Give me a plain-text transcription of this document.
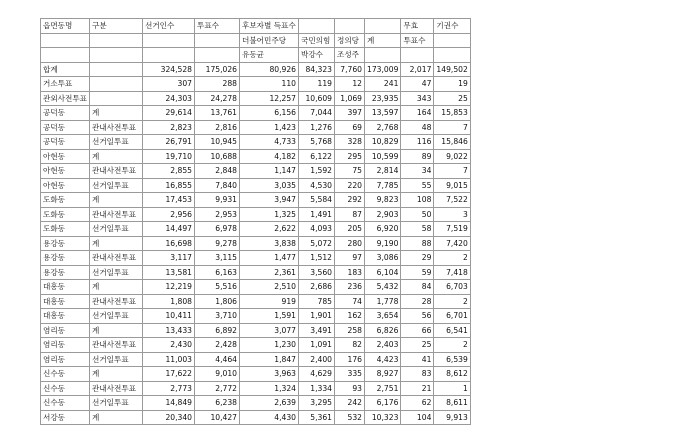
읍면동명	구분	선거인수	투표수	후보자별 득표수				무효	기권수
				더불어민주당	국민의힘	정의당	계	투표수	
				유동균	박강수	조성주			
합계		324,528	175,026	80,926	84,323	7,760	173,009	2,017	149,502
거소투표		307	288	110	119	12	241	47	19
관외사전투표		24,303	24,278	12,257	10,609	1,069	23,935	343	25
공덕동	계	29,614	13,761	6,156	7,044	397	13,597	164	15,853
공덕동	관내사전투표	2,823	2,816	1,423	1,276	69	2,768	48	7
공덕동	선거일투표	26,791	10,945	4,733	5,768	328	10,829	116	15,846
아현동	계	19,710	10,688	4,182	6,122	295	10,599	89	9,022
아현동	관내사전투표	2,855	2,848	1,147	1,592	75	2,814	34	7
아현동	선거일투표	16,855	7,840	3,035	4,530	220	7,785	55	9,015
도화동	계	17,453	9,931	3,947	5,584	292	9,823	108	7,522
도화동	관내사전투표	2,956	2,953	1,325	1,491	87	2,903	50	3
도화동	선거일투표	14,497	6,978	2,622	4,093	205	6,920	58	7,519
용강동	계	16,698	9,278	3,838	5,072	280	9,190	88	7,420
용강동	관내사전투표	3,117	3,115	1,477	1,512	97	3,086	29	2
용강동	선거일투표	13,581	6,163	2,361	3,560	183	6,104	59	7,418
대흥동	계	12,219	5,516	2,510	2,686	236	5,432	84	6,703
대흥동	관내사전투표	1,808	1,806	919	785	74	1,778	28	2
대흥동	선거일투표	10,411	3,710	1,591	1,901	162	3,654	56	6,701
염리동	계	13,433	6,892	3,077	3,491	258	6,826	66	6,541
염리동	관내사전투표	2,430	2,428	1,230	1,091	82	2,403	25	2
염리동	선거일투표	11,003	4,464	1,847	2,400	176	4,423	41	6,539
신수동	계	17,622	9,010	3,963	4,629	335	8,927	83	8,612
신수동	관내사전투표	2,773	2,772	1,324	1,334	93	2,751	21	1
신수동	선거일투표	14,849	6,238	2,639	3,295	242	6,176	62	8,611
서강동	계	20,340	10,427	4,430	5,361	532	10,323	104	9,913
